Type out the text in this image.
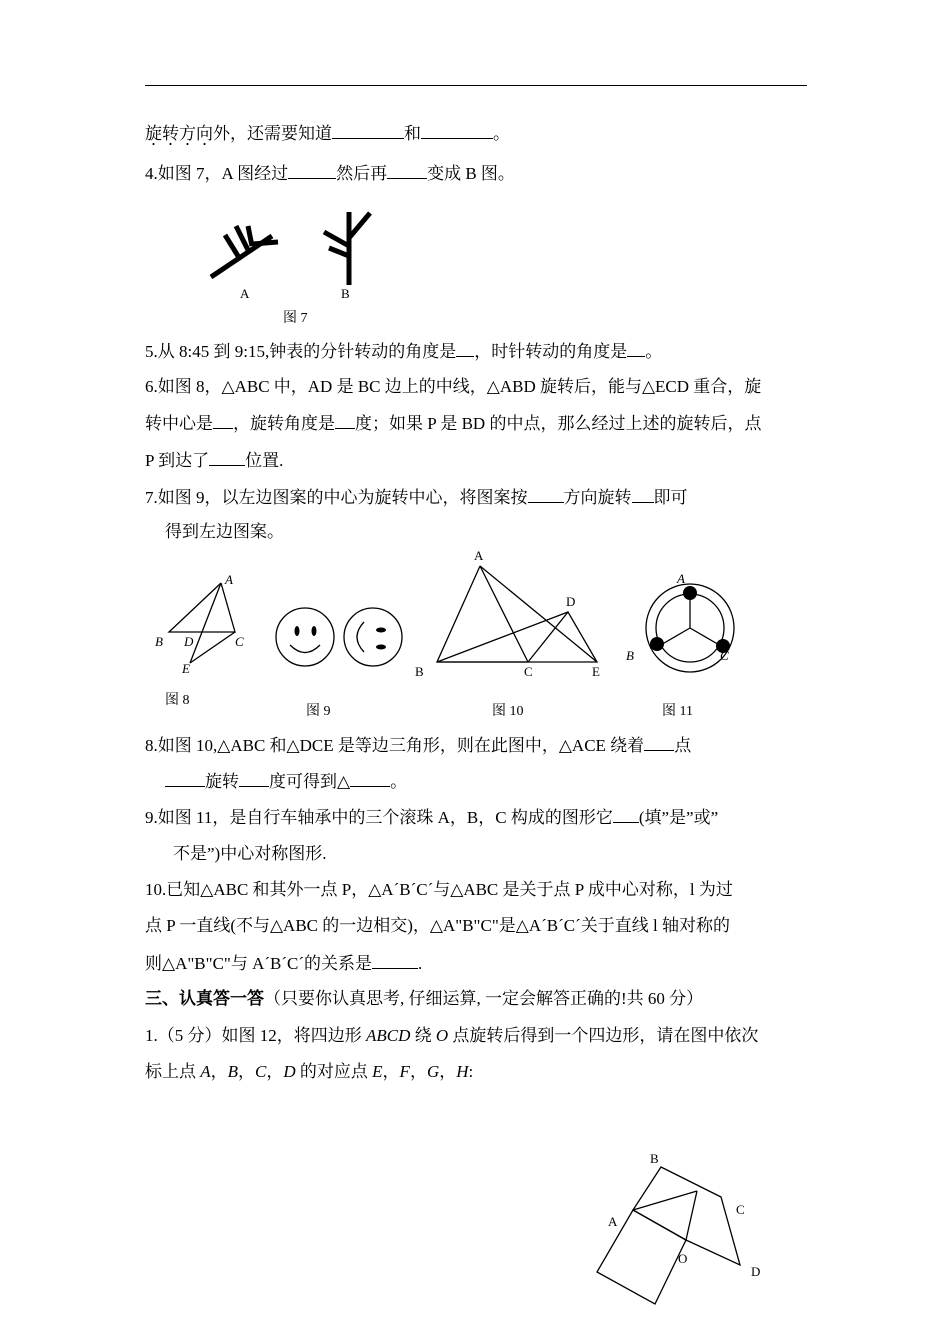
旋转方向外，还需要知道	和	。
4.如图 7，A 图经过	然后再 变成 B 图。
A	B
图 7
5.从 8:45 到 9:15,钟表的分针转动的角度是 ，时针转动的角度是 。
6.如图 8，△ABC 中，AD 是 BC 边上的中线，△ABD 旋转后，能与△ECD 重合，旋
转中心是 ，旋转角度是 度；如果 P 是 BD 的中点，那么经过上述的旋转后，点
P 到达了 位置.
7.如图 9，以左边图案的中心为旋转中心，将图案按 方向旋转 即可
得到左边图案。
A
B D	C
E
A
D
B	C	E
A
B	C
图 8
图 9	图 10	图 11
8.如图 10,△ABC 和△DCE 是等边三角形，则在此图中，△ACE 绕着 点
旋转 度可得到△ 。
9.如图 11，是自行车轴承中的三个滚珠 A，B，C 构成的图形它 (填”是”或”
不是”)中心对称图形.
10.已知△ABC 和其外一点 P，△A´B´C´与△ABC 是关于点 P 成中心对称，l 为过
点 P 一直线(不与△ABC 的一边相交)，△A"B"C"是△A´B´C´关于直线 l 轴对称的
则△A"B"C"与 A´B´C´的关系是	.
三、认真答一答（只要你认真思考, 仔细运算, 一定会解答正确的!共 60 分）
1.（5 分）如图 12，将四边形 ABCD 绕 O 点旋转后得到一个四边形，请在图中依次
标上点 A，B，C，D 的对应点 E，F，G，H:
B
A
C
O
D
